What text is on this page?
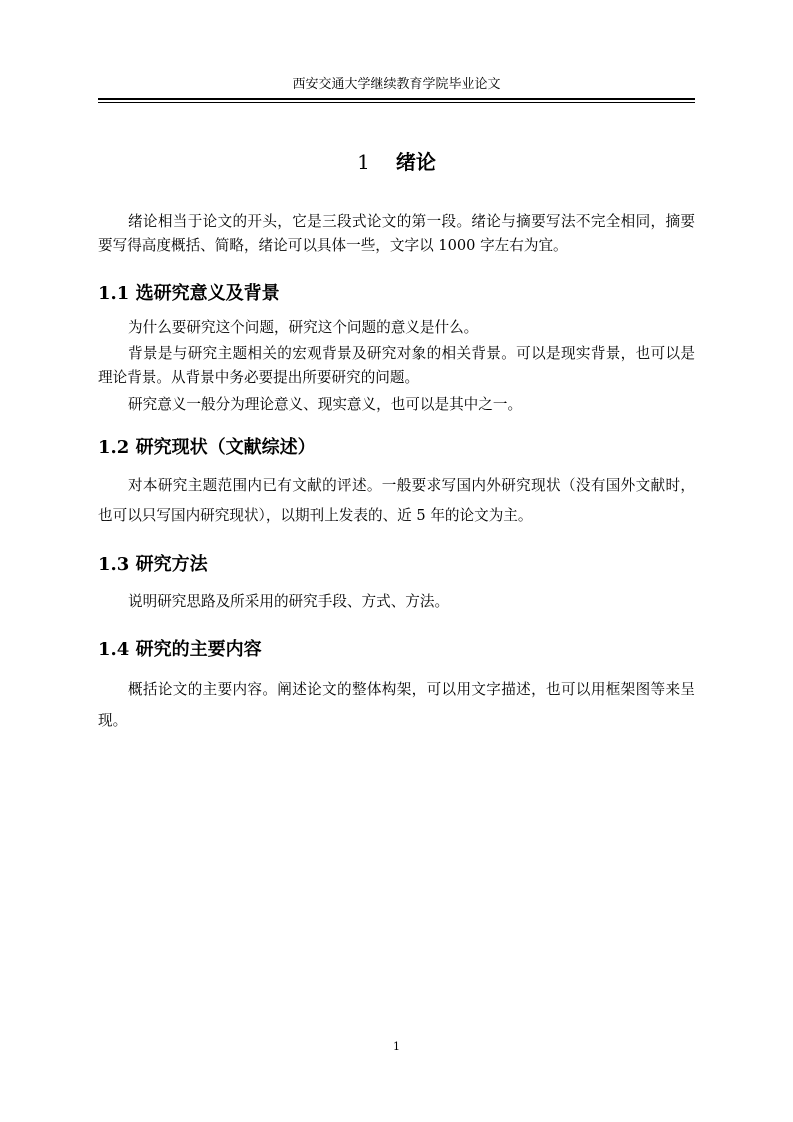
西安交通大学继续教育学院毕业论文
1 绪论

绪论相当于论文的开头，它是三段式论文的第一段。绪论与摘要写法不完全相同，摘要要写得高度概括、简略，绪论可以具体一些，文字以 1000 字左右为宜。

1.1 选研究意义及背景

为什么要研究这个问题，研究这个问题的意义是什么。

背景是与研究主题相关的宏观背景及研究对象的相关背景。可以是现实背景，也可以是理论背景。从背景中务必要提出所要研究的问题。

研究意义一般分为理论意义、现实意义，也可以是其中之一。

1.2 研究现状（文献综述）

对本研究主题范围内已有文献的评述。一般要求写国内外研究现状（没有国外文献时，也可以只写国内研究现状），以期刊上发表的、近 5 年的论文为主。

1.3 研究方法

说明研究思路及所采用的研究手段、方式、方法。

1.4 研究的主要内容

概括论文的主要内容。阐述论文的整体构架，可以用文字描述，也可以用框架图等来呈现。

1
